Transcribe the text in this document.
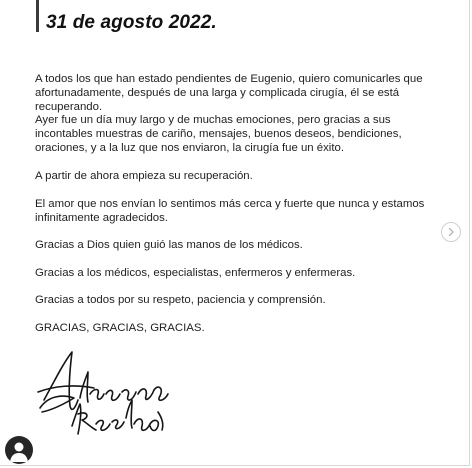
31 de agosto 2022.

A todos los que han estado pendientes de Eugenio, quiero comunicarles que afortunadamente, después de una larga y complicada cirugía, él se está recuperando.

Ayer fue un día muy largo y de muchas emociones, pero gracias a sus incontables muestras de cariño, mensajes, buenos deseos, bendiciones, oraciones, y a la luz que nos enviaron, la cirugía fue un éxito.

A partir de ahora empieza su recuperación.

El amor que nos envían lo sentimos más cerca y fuerte que nunca y estamos infinitamente agradecidos.

Gracias a Dios quien guió las manos de los médicos.

Gracias a los médicos, especialistas, enfermeros y enfermeras.

Gracias a todos por su respeto, paciencia y comprensión.

GRACIAS, GRACIAS, GRACIAS.
